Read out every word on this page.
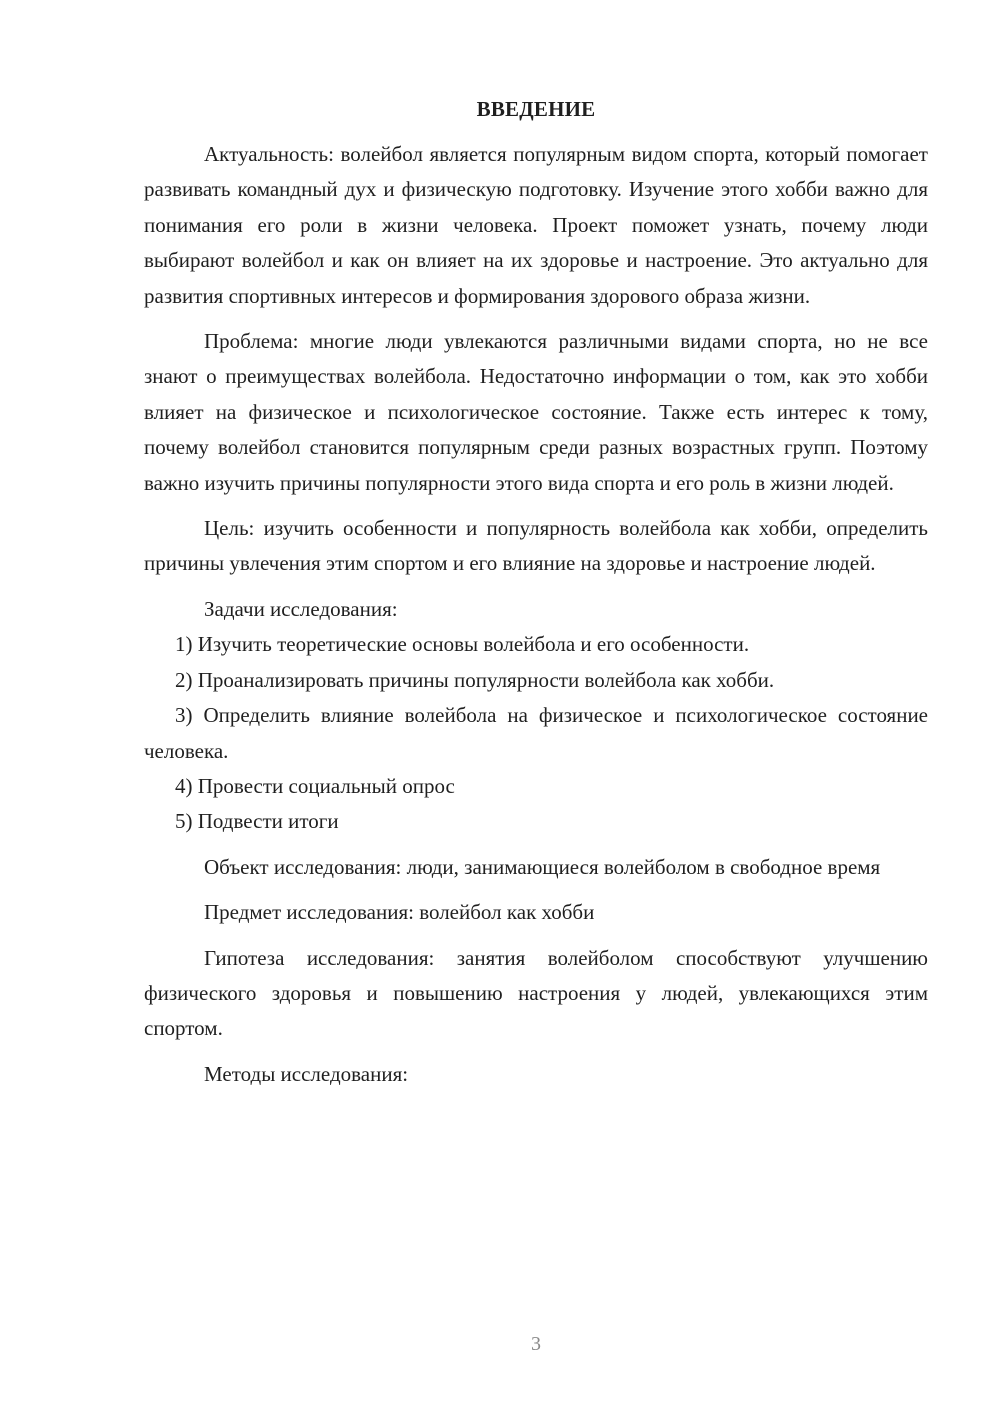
ВВЕДЕНИЕ

Актуальность: волейбол является популярным видом спорта, который помогает развивать командный дух и физическую подготовку. Изучение этого хобби важно для понимания его роли в жизни человека. Проект поможет узнать, почему люди выбирают волейбол и как он влияет на их здоровье и настроение. Это актуально для развития спортивных интересов и формирования здорового образа жизни.

Проблема: многие люди увлекаются различными видами спорта, но не все знают о преимуществах волейбола. Недостаточно информации о том, как это хобби влияет на физическое и психологическое состояние. Также есть интерес к тому, почему волейбол становится популярным среди разных возрастных групп. Поэтому важно изучить причины популярности этого вида спорта и его роль в жизни людей.

Цель: изучить особенности и популярность волейбола как хобби, определить причины увлечения этим спортом и его влияние на здоровье и настроение людей.

Задачи исследования:

1) Изучить теоретические основы волейбола и его особенности.

2) Проанализировать причины популярности волейбола как хобби.

3) Определить влияние волейбола на физическое и психологическое состояние человека.

4) Провести социальный опрос

5) Подвести итоги

Объект исследования: люди, занимающиеся волейболом в свободное время

Предмет исследования: волейбол как хобби

Гипотеза исследования: занятия волейболом способствуют улучшению физического здоровья и повышению настроения у людей, увлекающихся этим спортом.

Методы исследования:

3
